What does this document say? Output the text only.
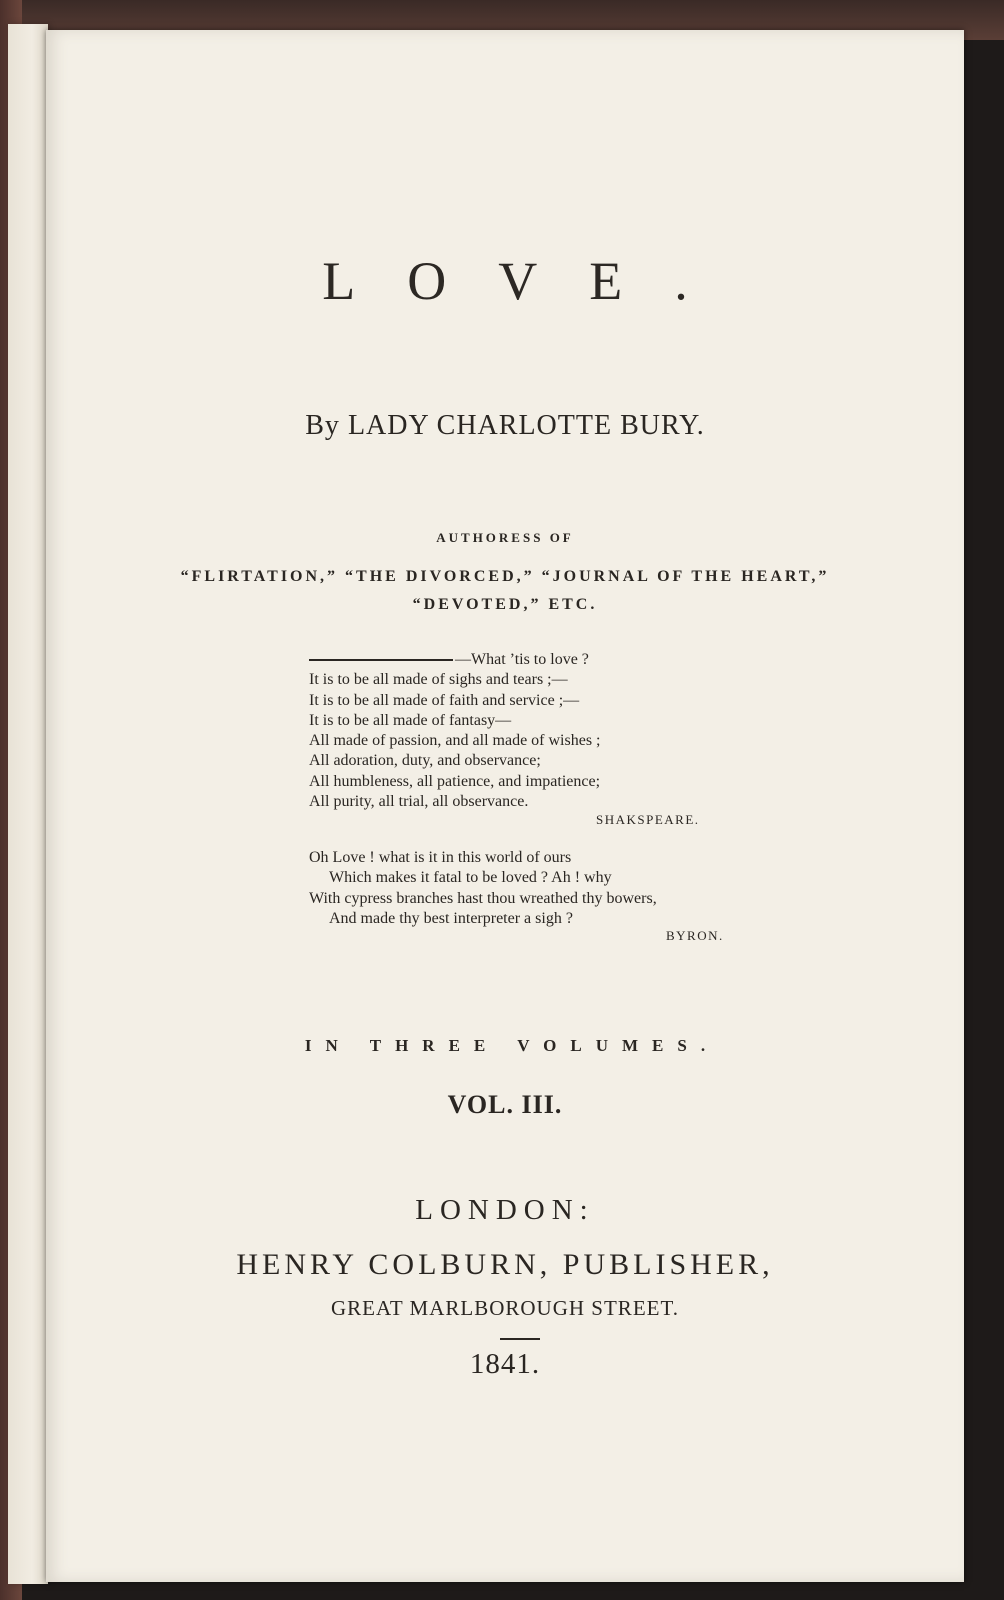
LOVE.
By LADY CHARLOTTE BURY.
AUTHORESS OF
“FLIRTATION,” “THE DIVORCED,” “JOURNAL OF THE HEART,”
“DEVOTED,” ETC.
—What ’tis to love ?
It is to be all made of sighs and tears ;—
It is to be all made of faith and service ;—
It is to be all made of fantasy—
All made of passion, and all made of wishes ;
All adoration, duty, and observance;
All humbleness, all patience, and impatience;
All purity, all trial, all observance.
SHAKSPEARE.
Oh Love ! what is it in this world of ours
Which makes it fatal to be loved ? Ah ! why
With cypress branches hast thou wreathed thy bowers,
And made thy best interpreter a sigh ?
BYRON.
IN THREE VOLUMES.
VOL. III.
LONDON:
HENRY COLBURN, PUBLISHER,
GREAT MARLBOROUGH STREET.
1841.
